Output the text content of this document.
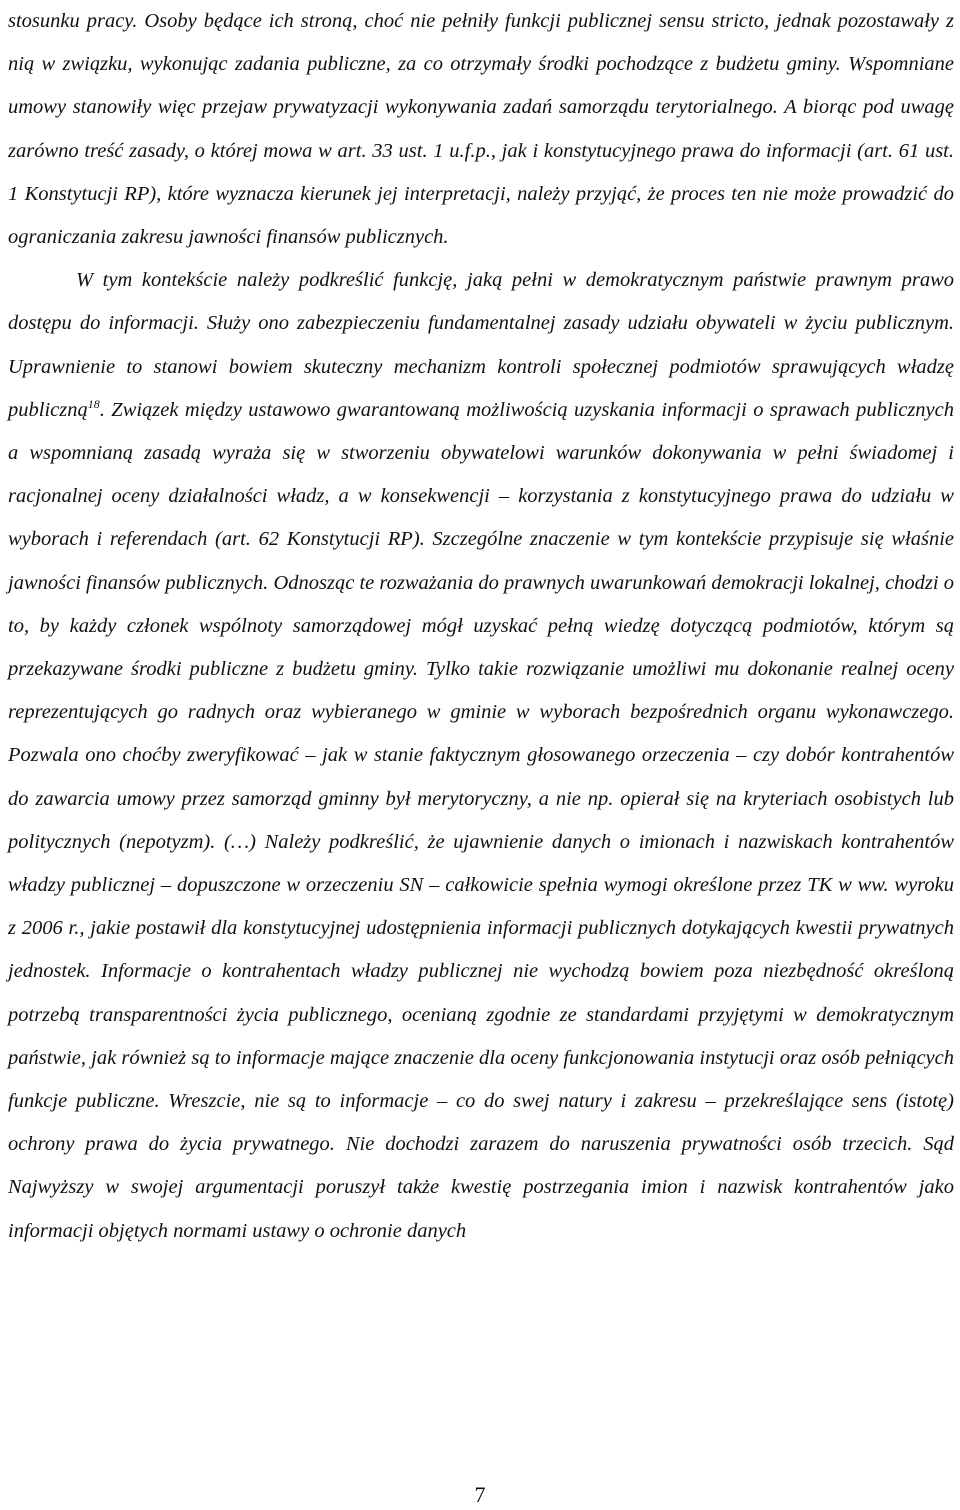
stosunku pracy. Osoby będące ich stroną, choć nie pełniły funkcji publicznej sensu stricto, jednak pozostawały z nią w związku, wykonując zadania publiczne, za co otrzymały środki pochodzące z budżetu gminy. Wspomniane umowy stanowiły więc przejaw prywatyzacji wykonywania zadań samorządu terytorialnego. A biorąc pod uwagę zarówno treść zasady, o której mowa w art. 33 ust. 1 u.f.p., jak i konstytucyjnego prawa do informacji (art. 61 ust. 1 Konstytucji RP), które wyznacza kierunek jej interpretacji, należy przyjąć, że proces ten nie może prowadzić do ograniczania zakresu jawności finansów publicznych.

W tym kontekście należy podkreślić funkcję, jaką pełni w demokratycznym państwie prawnym prawo dostępu do informacji. Służy ono zabezpieczeniu fundamentalnej zasady udziału obywateli w życiu publicznym. Uprawnienie to stanowi bowiem skuteczny mechanizm kontroli społecznej podmiotów sprawujących władzę publiczną$^{18}$. Związek między ustawowo gwarantowaną możliwością uzyskania informacji o sprawach publicznych a wspomnianą zasadą wyraża się w stworzeniu obywatelowi warunków dokonywania w pełni świadomej i racjonalnej oceny działalności władz, a w konsekwencji – korzystania z konstytucyjnego prawa do udziału w wyborach i referendach (art. 62 Konstytucji RP). Szczególne znaczenie w tym kontekście przypisuje się właśnie jawności finansów publicznych. Odnosząc te rozważania do prawnych uwarunkowań demokracji lokalnej, chodzi o to, by każdy członek wspólnoty samorządowej mógł uzyskać pełną wiedzę dotyczącą podmiotów, którym są przekazywane środki publiczne z budżetu gminy. Tylko takie rozwiązanie umożliwi mu dokonanie realnej oceny reprezentujących go radnych oraz wybieranego w gminie w wyborach bezpośrednich organu wykonawczego. Pozwala ono choćby zweryfikować – jak w stanie faktycznym głosowanego orzeczenia – czy dobór kontrahentów do zawarcia umowy przez samorząd gminny był merytoryczny, a nie np. opierał się na kryteriach osobistych lub politycznych (nepotyzm). (…) Należy podkreślić, że ujawnienie danych o imionach i nazwiskach kontrahentów władzy publicznej – dopuszczone w orzeczeniu SN – całkowicie spełnia wymogi określone przez TK w ww. wyroku z 2006 r., jakie postawił dla konstytucyjnej udostępnienia informacji publicznych dotykających kwestii prywatnych jednostek. Informacje o kontrahentach władzy publicznej nie wychodzą bowiem poza niezbędność określoną potrzebą transparentności życia publicznego, ocenianą zgodnie ze standardami przyjętymi w demokratycznym państwie, jak również są to informacje mające znaczenie dla oceny funkcjonowania instytucji oraz osób pełniących funkcje publiczne. Wreszcie, nie są to informacje – co do swej natury i zakresu – przekreślające sens (istotę) ochrony prawa do życia prywatnego. Nie dochodzi zarazem do naruszenia prywatności osób trzecich. Sąd Najwyższy w swojej argumentacji poruszył także kwestię postrzegania imion i nazwisk kontrahentów jako informacji objętych normami ustawy o ochronie danych

7
